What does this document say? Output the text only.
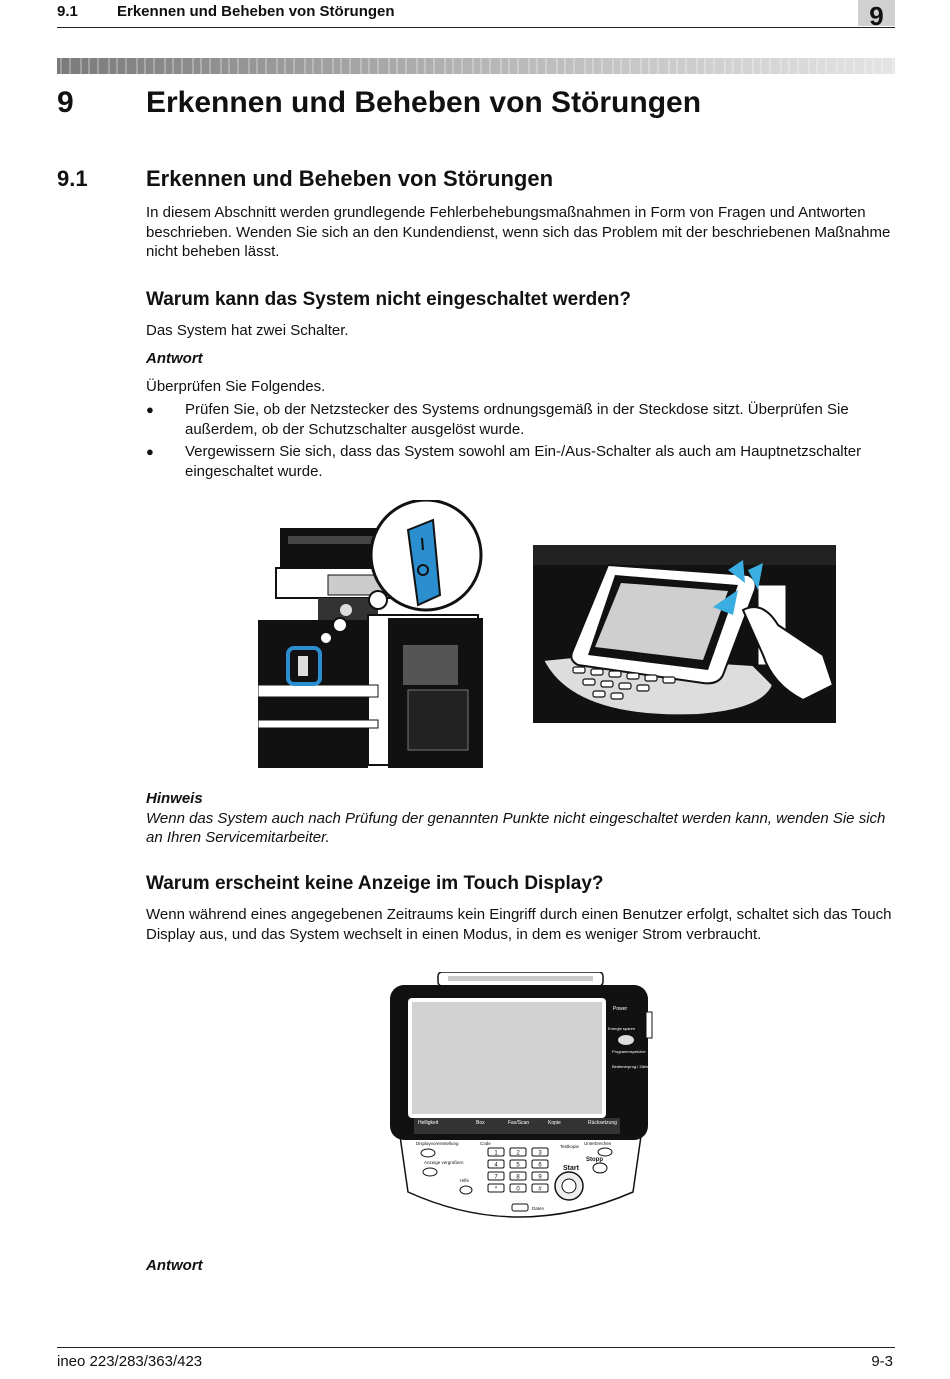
9.1	Erkennen und Beheben von Störungen	9
9 Erkennen und Beheben von Störungen
9.1	Erkennen und Beheben von Störungen
In diesem Abschnitt werden grundlegende Fehlerbehebungsmaßnahmen in Form von Fragen und Antworten beschrieben. Wenden Sie sich an den Kundendienst, wenn sich das Problem mit der beschriebenen Maßnahme nicht beheben lässt.
Warum kann das System nicht eingeschaltet werden?
Das System hat zwei Schalter.
Antwort
Überprüfen Sie Folgendes.
● Prüfen Sie, ob der Netzstecker des Systems ordnungsgemäß in der Steckdose sitzt. Überprüfen Sie außerdem, ob der Schutzschalter ausgelöst wurde.
● Vergewissern Sie sich, dass das System sowohl am Ein-/Aus-Schalter als auch am Hauptnetzschalter eingeschaltet wurde.
Hinweis
Wenn das System auch nach Prüfung der genannten Punkte nicht eingeschaltet werden kann, wenden Sie sich an Ihren Servicemitarbeiter.
Warum erscheint keine Anzeige im Touch Display?
Wenn während eines angegebenen Zeitraums kein Eingriff durch einen Benutzer erfolgt, schaltet sich das Touch Display aus, und das System wechselt in einen Modus, in dem es weniger Strom verbraucht.
Helligkeit	Box	Fax/Scan	Kopie	Rücksetzung
Power
Energie sparen
Programmspeicher
Bedienerprog./ Zähler
Displayvoreinstellung	Code
Testkopie
Unterbrechen
Anzeige vergrößern	Stopp
Start
Hilfe
Daten
1	2	3
4	5	6
7	8	9
*	0	#
Antwort
ineo 223/283/363/423	9-3
